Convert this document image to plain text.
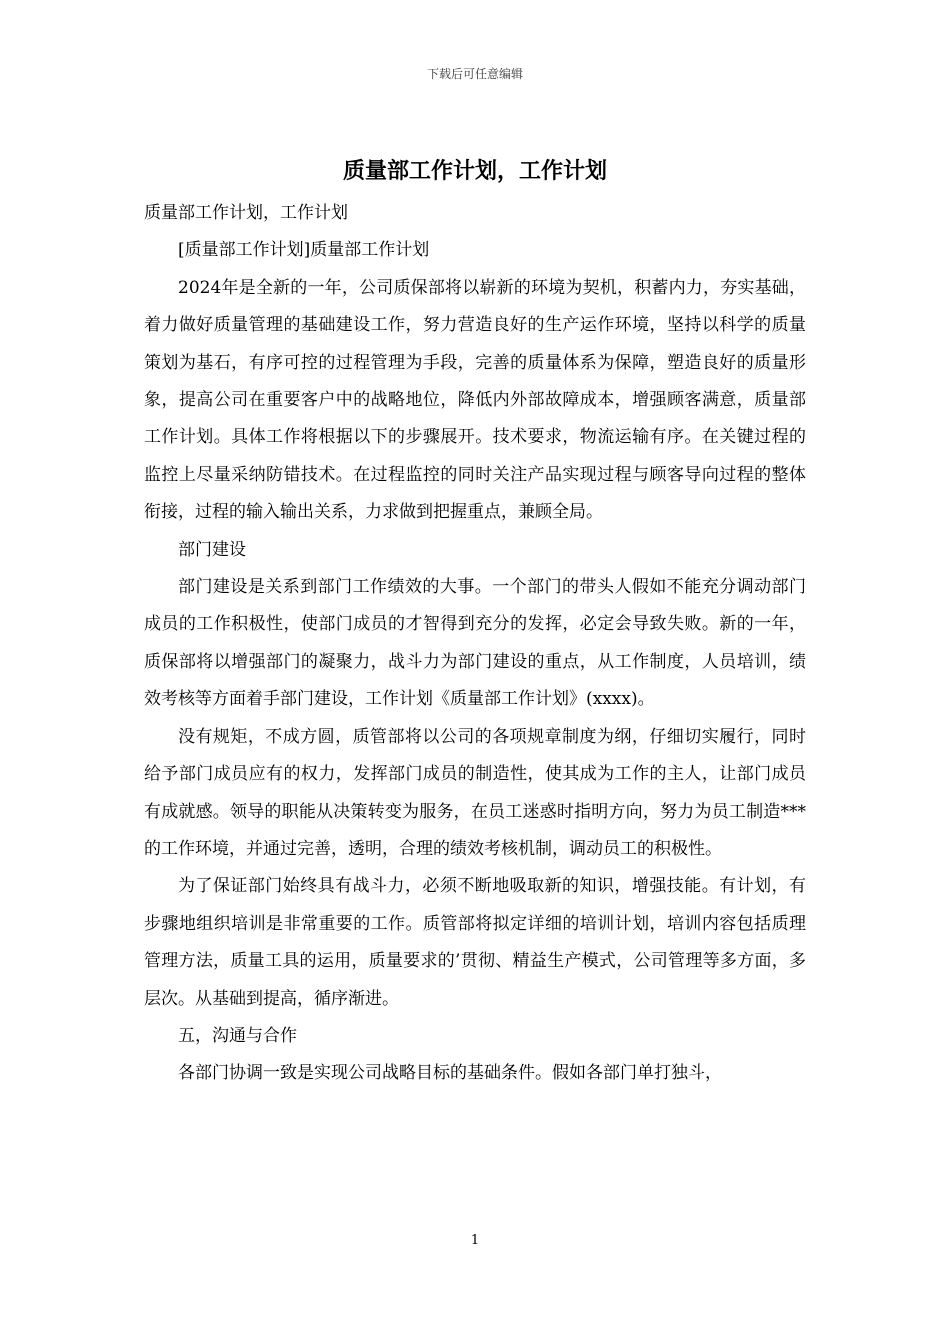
下载后可任意编辑
质量部工作计划，工作计划

质量部工作计划，工作计划

[质量部工作计划]质量部工作计划

2024年是全新的一年，公司质保部将以崭新的环境为契机，积蓄内力，夯实基础，着力做好质量管理的基础建设工作，努力营造良好的生产运作环境，坚持以科学的质量策划为基石，有序可控的过程管理为手段，完善的质量体系为保障，塑造良好的质量形象，提高公司在重要客户中的战略地位，降低内外部故障成本，增强顾客满意，质量部工作计划。具体工作将根据以下的步骤展开。技术要求，物流运输有序。在关键过程的监控上尽量采纳防错技术。在过程监控的同时关注产品实现过程与顾客导向过程的整体衔接，过程的输入输出关系，力求做到把握重点，兼顾全局。

部门建设

部门建设是关系到部门工作绩效的大事。一个部门的带头人假如不能充分调动部门成员的工作积极性，使部门成员的才智得到充分的发挥，必定会导致失败。新的一年，质保部将以增强部门的凝聚力，战斗力为部门建设的重点，从工作制度，人员培训，绩效考核等方面着手部门建设，工作计划《质量部工作计划》(xxxx)。

没有规矩，不成方圆，质管部将以公司的各项规章制度为纲，仔细切实履行，同时给予部门成员应有的权力，发挥部门成员的制造性，使其成为工作的主人，让部门成员有成就感。领导的职能从决策转变为服务，在员工迷惑时指明方向，努力为员工制造***的工作环境，并通过完善，透明，合理的绩效考核机制，调动员工的积极性。

为了保证部门始终具有战斗力，必须不断地吸取新的知识，增强技能。有计划，有步骤地组织培训是非常重要的工作。质管部将拟定详细的培训计划，培训内容包括质理管理方法，质量工具的运用，质量要求的’贯彻、精益生产模式，公司管理等多方面，多层次。从基础到提高，循序渐进。

五，沟通与合作

各部门协调一致是实现公司战略目标的基础条件。假如各部门单打独斗，

1
